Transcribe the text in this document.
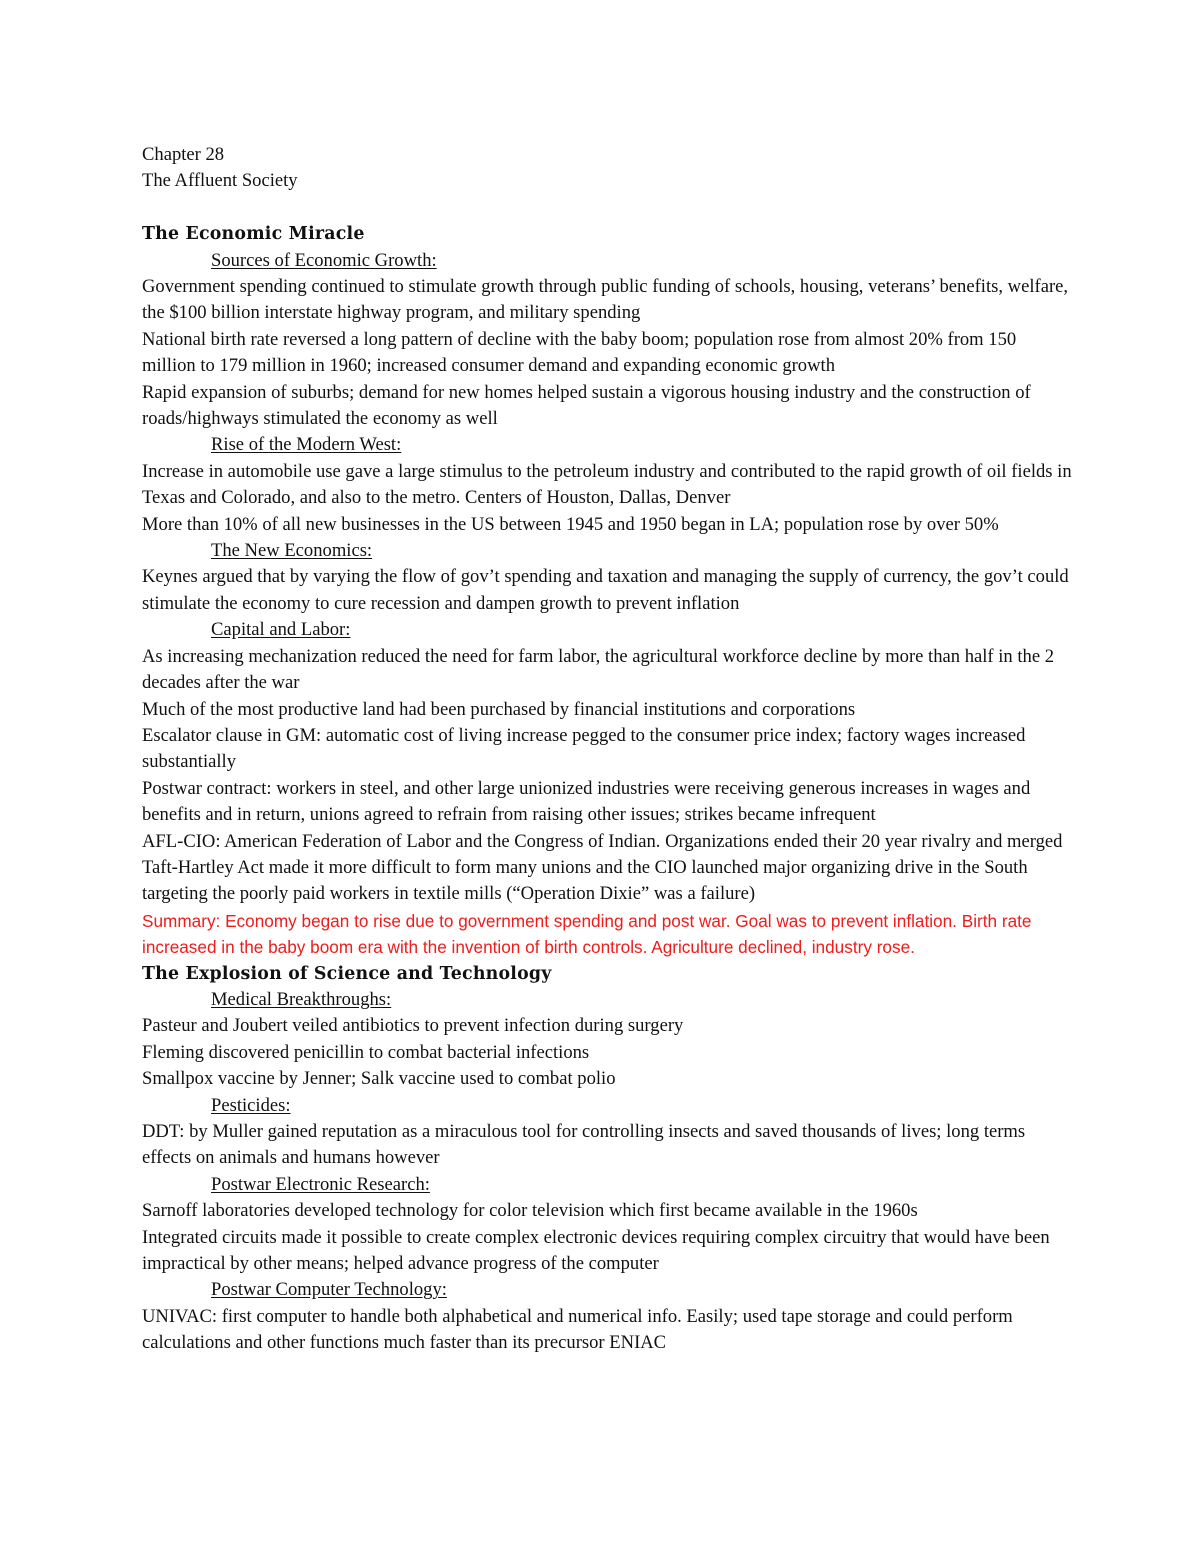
Chapter 28

The Affluent Society

The Economic Miracle

Sources of Economic Growth:

Government spending continued to stimulate growth through public funding of schools, housing, veterans’ benefits, welfare, the $100 billion interstate highway program, and military spending

National birth rate reversed a long pattern of decline with the baby boom; population rose from almost 20% from 150 million to 179 million in 1960; increased consumer demand and expanding economic growth

Rapid expansion of suburbs; demand for new homes helped sustain a vigorous housing industry and the construction of roads/highways stimulated the economy as well

Rise of the Modern West:

Increase in automobile use gave a large stimulus to the petroleum industry and contributed to the rapid growth of oil fields in Texas and Colorado, and also to the metro. Centers of Houston, Dallas, Denver

More than 10% of all new businesses in the US between 1945 and 1950 began in LA; population rose by over 50%

The New Economics:

Keynes argued that by varying the flow of gov’t spending and taxation and managing the supply of currency, the gov’t could stimulate the economy to cure recession and dampen growth to prevent inflation

Capital and Labor:

As increasing mechanization reduced the need for farm labor, the agricultural workforce decline by more than half in the 2 decades after the war

Much of the most productive land had been purchased by financial institutions and corporations

Escalator clause in GM: automatic cost of living increase pegged to the consumer price index; factory wages increased substantially

Postwar contract: workers in steel, and other large unionized industries were receiving generous increases in wages and benefits and in return, unions agreed to refrain from raising other issues; strikes became infrequent

AFL-CIO: American Federation of Labor and the Congress of Indian. Organizations ended their 20 year rivalry and merged

Taft-Hartley Act made it more difficult to form many unions and the CIO launched major organizing drive in the South targeting the poorly paid workers in textile mills (“Operation Dixie” was a failure)

Summary: Economy began to rise due to government spending and post war. Goal was to prevent inflation. Birth rate increased in the baby boom era with the invention of birth controls. Agriculture declined, industry rose.

The Explosion of Science and Technology

Medical Breakthroughs:

Pasteur and Joubert veiled antibiotics to prevent infection during surgery

Fleming discovered penicillin to combat bacterial infections

Smallpox vaccine by Jenner; Salk vaccine used to combat polio

Pesticides:

DDT: by Muller gained reputation as a miraculous tool for controlling insects and saved thousands of lives; long terms effects on animals and humans however

Postwar Electronic Research:

Sarnoff laboratories developed technology for color television which first became available in the 1960s

Integrated circuits made it possible to create complex electronic devices requiring complex circuitry that would have been impractical by other means; helped advance progress of the computer

Postwar Computer Technology:

UNIVAC: first computer to handle both alphabetical and numerical info. Easily; used tape storage and could perform calculations and other functions much faster than its precursor ENIAC
